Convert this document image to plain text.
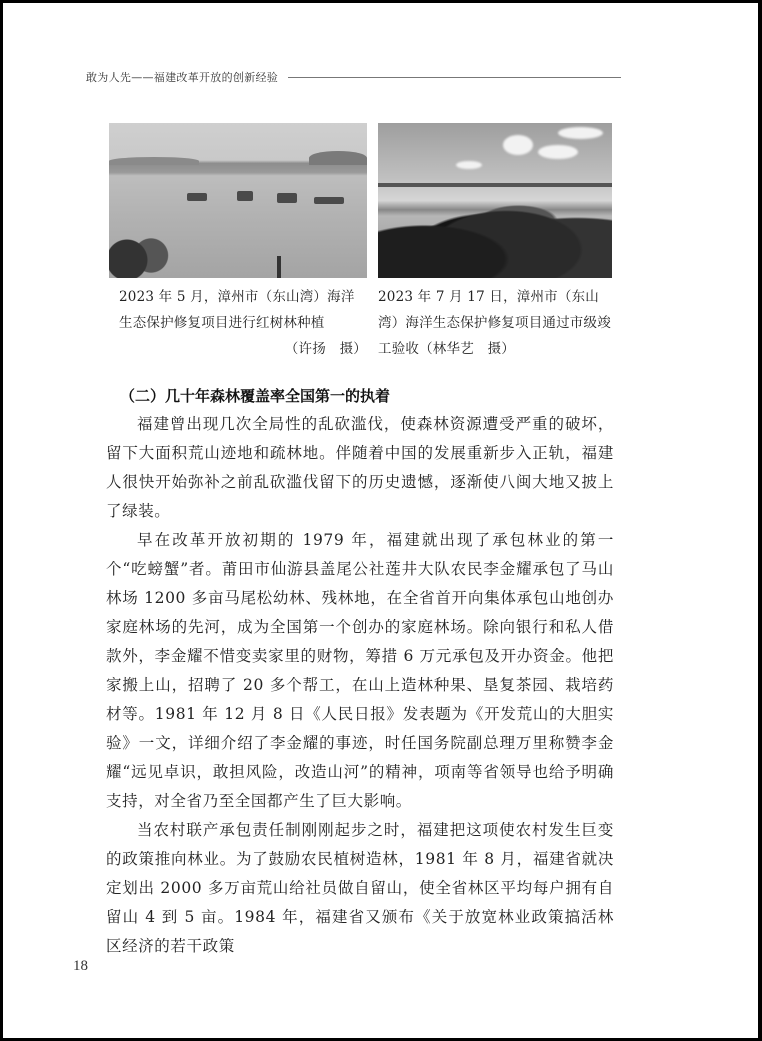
敢为人先——福建改革开放的创新经验
2023 年 5 月，漳州市（东山湾）海洋生态保护修复项目进行红树林种植
（许扬　摄）
2023 年 7 月 17 日，漳州市（东山湾）海洋生态保护修复项目通过市级竣工验收（林华艺　摄）
（二）几十年森林覆盖率全国第一的执着

福建曾出现几次全局性的乱砍滥伐，使森林资源遭受严重的破坏，留下大面积荒山迹地和疏林地。伴随着中国的发展重新步入正轨，福建人很快开始弥补之前乱砍滥伐留下的历史遗憾，逐渐使八闽大地又披上了绿装。

早在改革开放初期的 1979 年，福建就出现了承包林业的第一个“吃螃蟹”者。莆田市仙游县盖尾公社莲井大队农民李金耀承包了马山林场 1200 多亩马尾松幼林、残林地，在全省首开向集体承包山地创办家庭林场的先河，成为全国第一个创办的家庭林场。除向银行和私人借款外，李金耀不惜变卖家里的财物，筹措 6 万元承包及开办资金。他把家搬上山，招聘了 20 多个帮工，在山上造林种果、垦复茶园、栽培药材等。1981 年 12 月 8 日《人民日报》发表题为《开发荒山的大胆实验》一文，详细介绍了李金耀的事迹，时任国务院副总理万里称赞李金耀“远见卓识，敢担风险，改造山河”的精神，项南等省领导也给予明确支持，对全省乃至全国都产生了巨大影响。

当农村联产承包责任制刚刚起步之时，福建把这项使农村发生巨变的政策推向林业。为了鼓励农民植树造林，1981 年 8 月，福建省就决定划出 2000 多万亩荒山给社员做自留山，使全省林区平均每户拥有自留山 4 到 5 亩。1984 年，福建省又颁布《关于放宽林业政策搞活林区经济的若干政策

18
